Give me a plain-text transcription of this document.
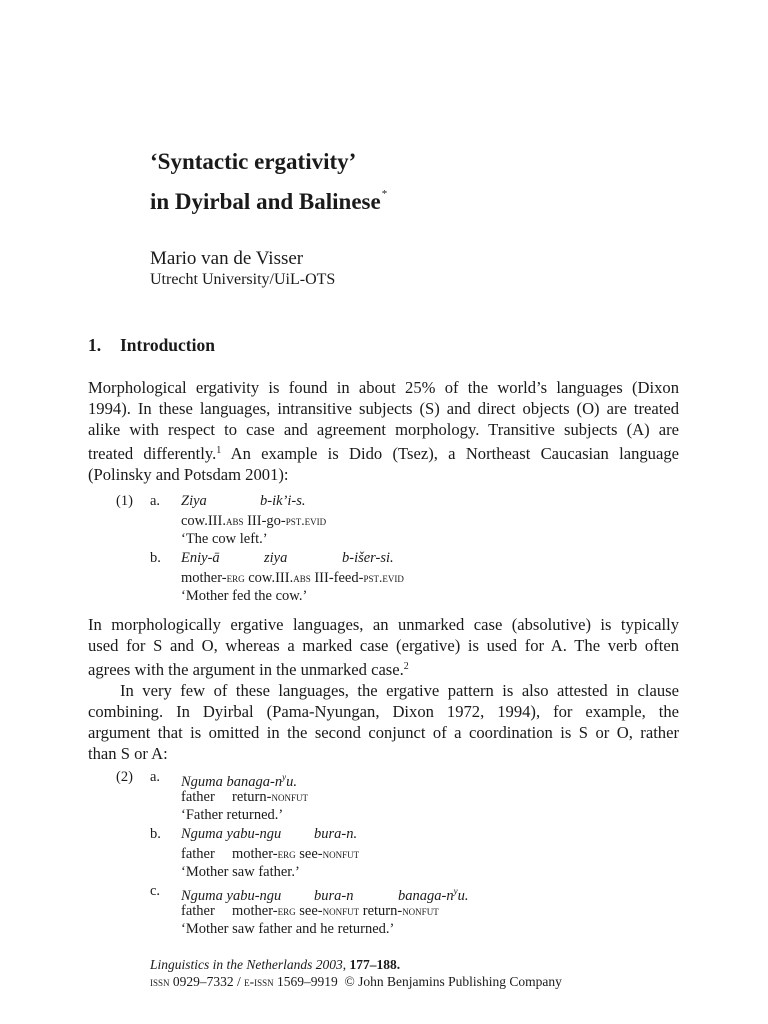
‘Syntactic ergativity’
in Dyirbal and Balinese*
Mario van de Visser
Utrecht University/UiL-OTS
1. Introduction
Morphological ergativity is found in about 25% of the world’s languages (Dixon
1994). In these languages, intransitive subjects (S) and direct objects (O) are treated
alike with respect to case and agreement morphology. Transitive subjects (A) are
treated differently.$^1$ An example is Dido (Tsez), a Northeast Caucasian language
(Polinsky and Potsdam 2001):
(1) a. Ziya	b-ik’i-s.
cow.III.abs III-go-pst.evid
‘The cow left.’
b. Eniy-ā	ziya	b-išer-si.
mother-erg cow.III.abs III-feed-pst.evid
‘Mother fed the cow.’
In morphologically ergative languages, an unmarked case (absolutive) is typically
used for S and O, whereas a marked case (ergative) is used for A. The verb often
agrees with the argument in the unmarked case.$^2$
In very few of these languages, the ergative pattern is also attested in clause
combining. In Dyirbal (Pama-Nyungan, Dixon 1972, 1994), for example, the
argument that is omitted in the second conjunct of a coordination is S or O, rather
than S or A:
(2) a. Nguma banaga-$n^yu$.
father return-nonfut
‘Father returned.’
b. Nguma yabu-ngu bura-n.
father mother-erg see-nonfut
‘Mother saw father.’
c. Nguma yabu-ngu bura-n	banaga-$n^yu$.
father mother-erg see-nonfut return-nonfut
‘Mother saw father and he returned.’
Linguistics in the Netherlands 2003, 177–188.
issn 0929–7332 / e-issn 1569–9919  © John Benjamins Publishing Company
